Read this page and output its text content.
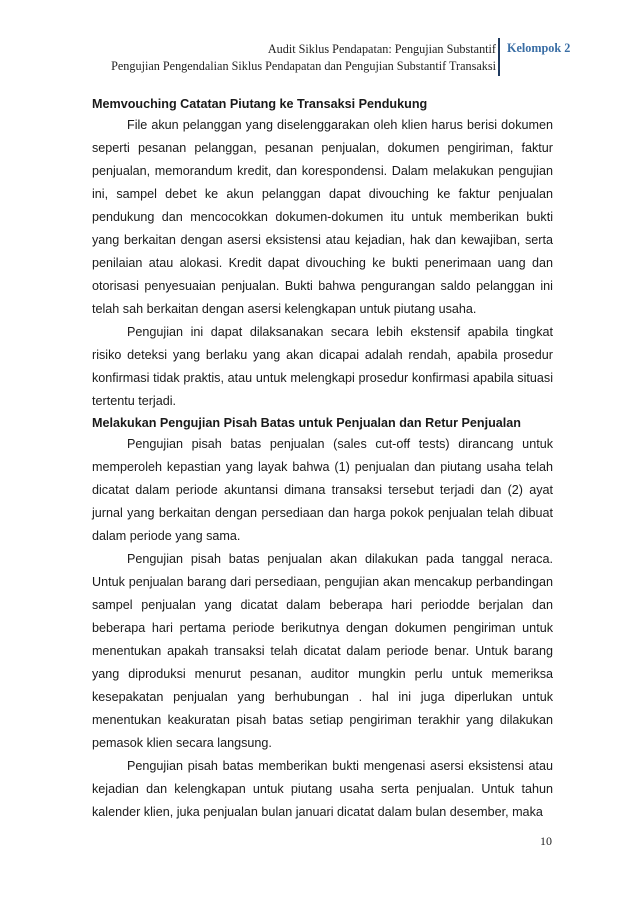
Audit Siklus Pendapatan: Pengujian Substantif
Pengujian Pengendalian Siklus Pendapatan dan Pengujian Substantif Transaksi
Kelompok 2
Memvouching Catatan Piutang ke Transaksi Pendukung

File akun pelanggan yang diselenggarakan oleh klien harus berisi dokumen seperti pesanan pelanggan, pesanan penjualan, dokumen pengiriman, faktur penjualan, memorandum kredit, dan korespondensi. Dalam melakukan pengujian ini, sampel debet ke akun pelanggan dapat divouching ke faktur penjualan pendukung dan mencocokkan dokumen-dokumen itu untuk memberikan bukti yang berkaitan dengan asersi eksistensi atau kejadian, hak dan kewajiban, serta penilaian atau alokasi. Kredit dapat divouching ke bukti penerimaan uang dan otorisasi penyesuaian penjualan. Bukti bahwa pengurangan saldo pelanggan ini telah sah berkaitan dengan asersi kelengkapan untuk piutang usaha.

Pengujian ini dapat dilaksanakan secara lebih ekstensif apabila tingkat risiko deteksi yang berlaku yang akan dicapai adalah rendah, apabila prosedur konfirmasi tidak praktis, atau untuk melengkapi prosedur konfirmasi apabila situasi tertentu terjadi.

Melakukan Pengujian Pisah Batas untuk Penjualan dan Retur Penjualan

Pengujian pisah batas penjualan (sales cut-off tests) dirancang untuk memperoleh kepastian yang layak bahwa (1) penjualan dan piutang usaha telah dicatat dalam periode akuntansi dimana transaksi tersebut terjadi dan (2) ayat jurnal yang berkaitan dengan persediaan dan harga pokok penjualan telah dibuat dalam periode yang sama.

Pengujian pisah batas penjualan akan dilakukan pada tanggal neraca. Untuk penjualan barang dari persediaan, pengujian akan mencakup perbandingan sampel penjualan yang dicatat dalam beberapa hari periodde berjalan dan beberapa hari pertama periode berikutnya dengan dokumen pengiriman untuk menentukan apakah transaksi telah dicatat dalam periode benar. Untuk barang yang diproduksi menurut pesanan, auditor mungkin perlu untuk memeriksa kesepakatan penjualan yang berhubungan . hal ini juga diperlukan untuk menentukan keakuratan pisah batas setiap pengiriman terakhir yang dilakukan pemasok klien secara langsung.

Pengujian pisah batas memberikan bukti mengenasi asersi eksistensi atau kejadian dan kelengkapan untuk piutang usaha serta penjualan. Untuk tahun kalender klien, juka penjualan bulan januari dicatat dalam bulan desember, maka

10
